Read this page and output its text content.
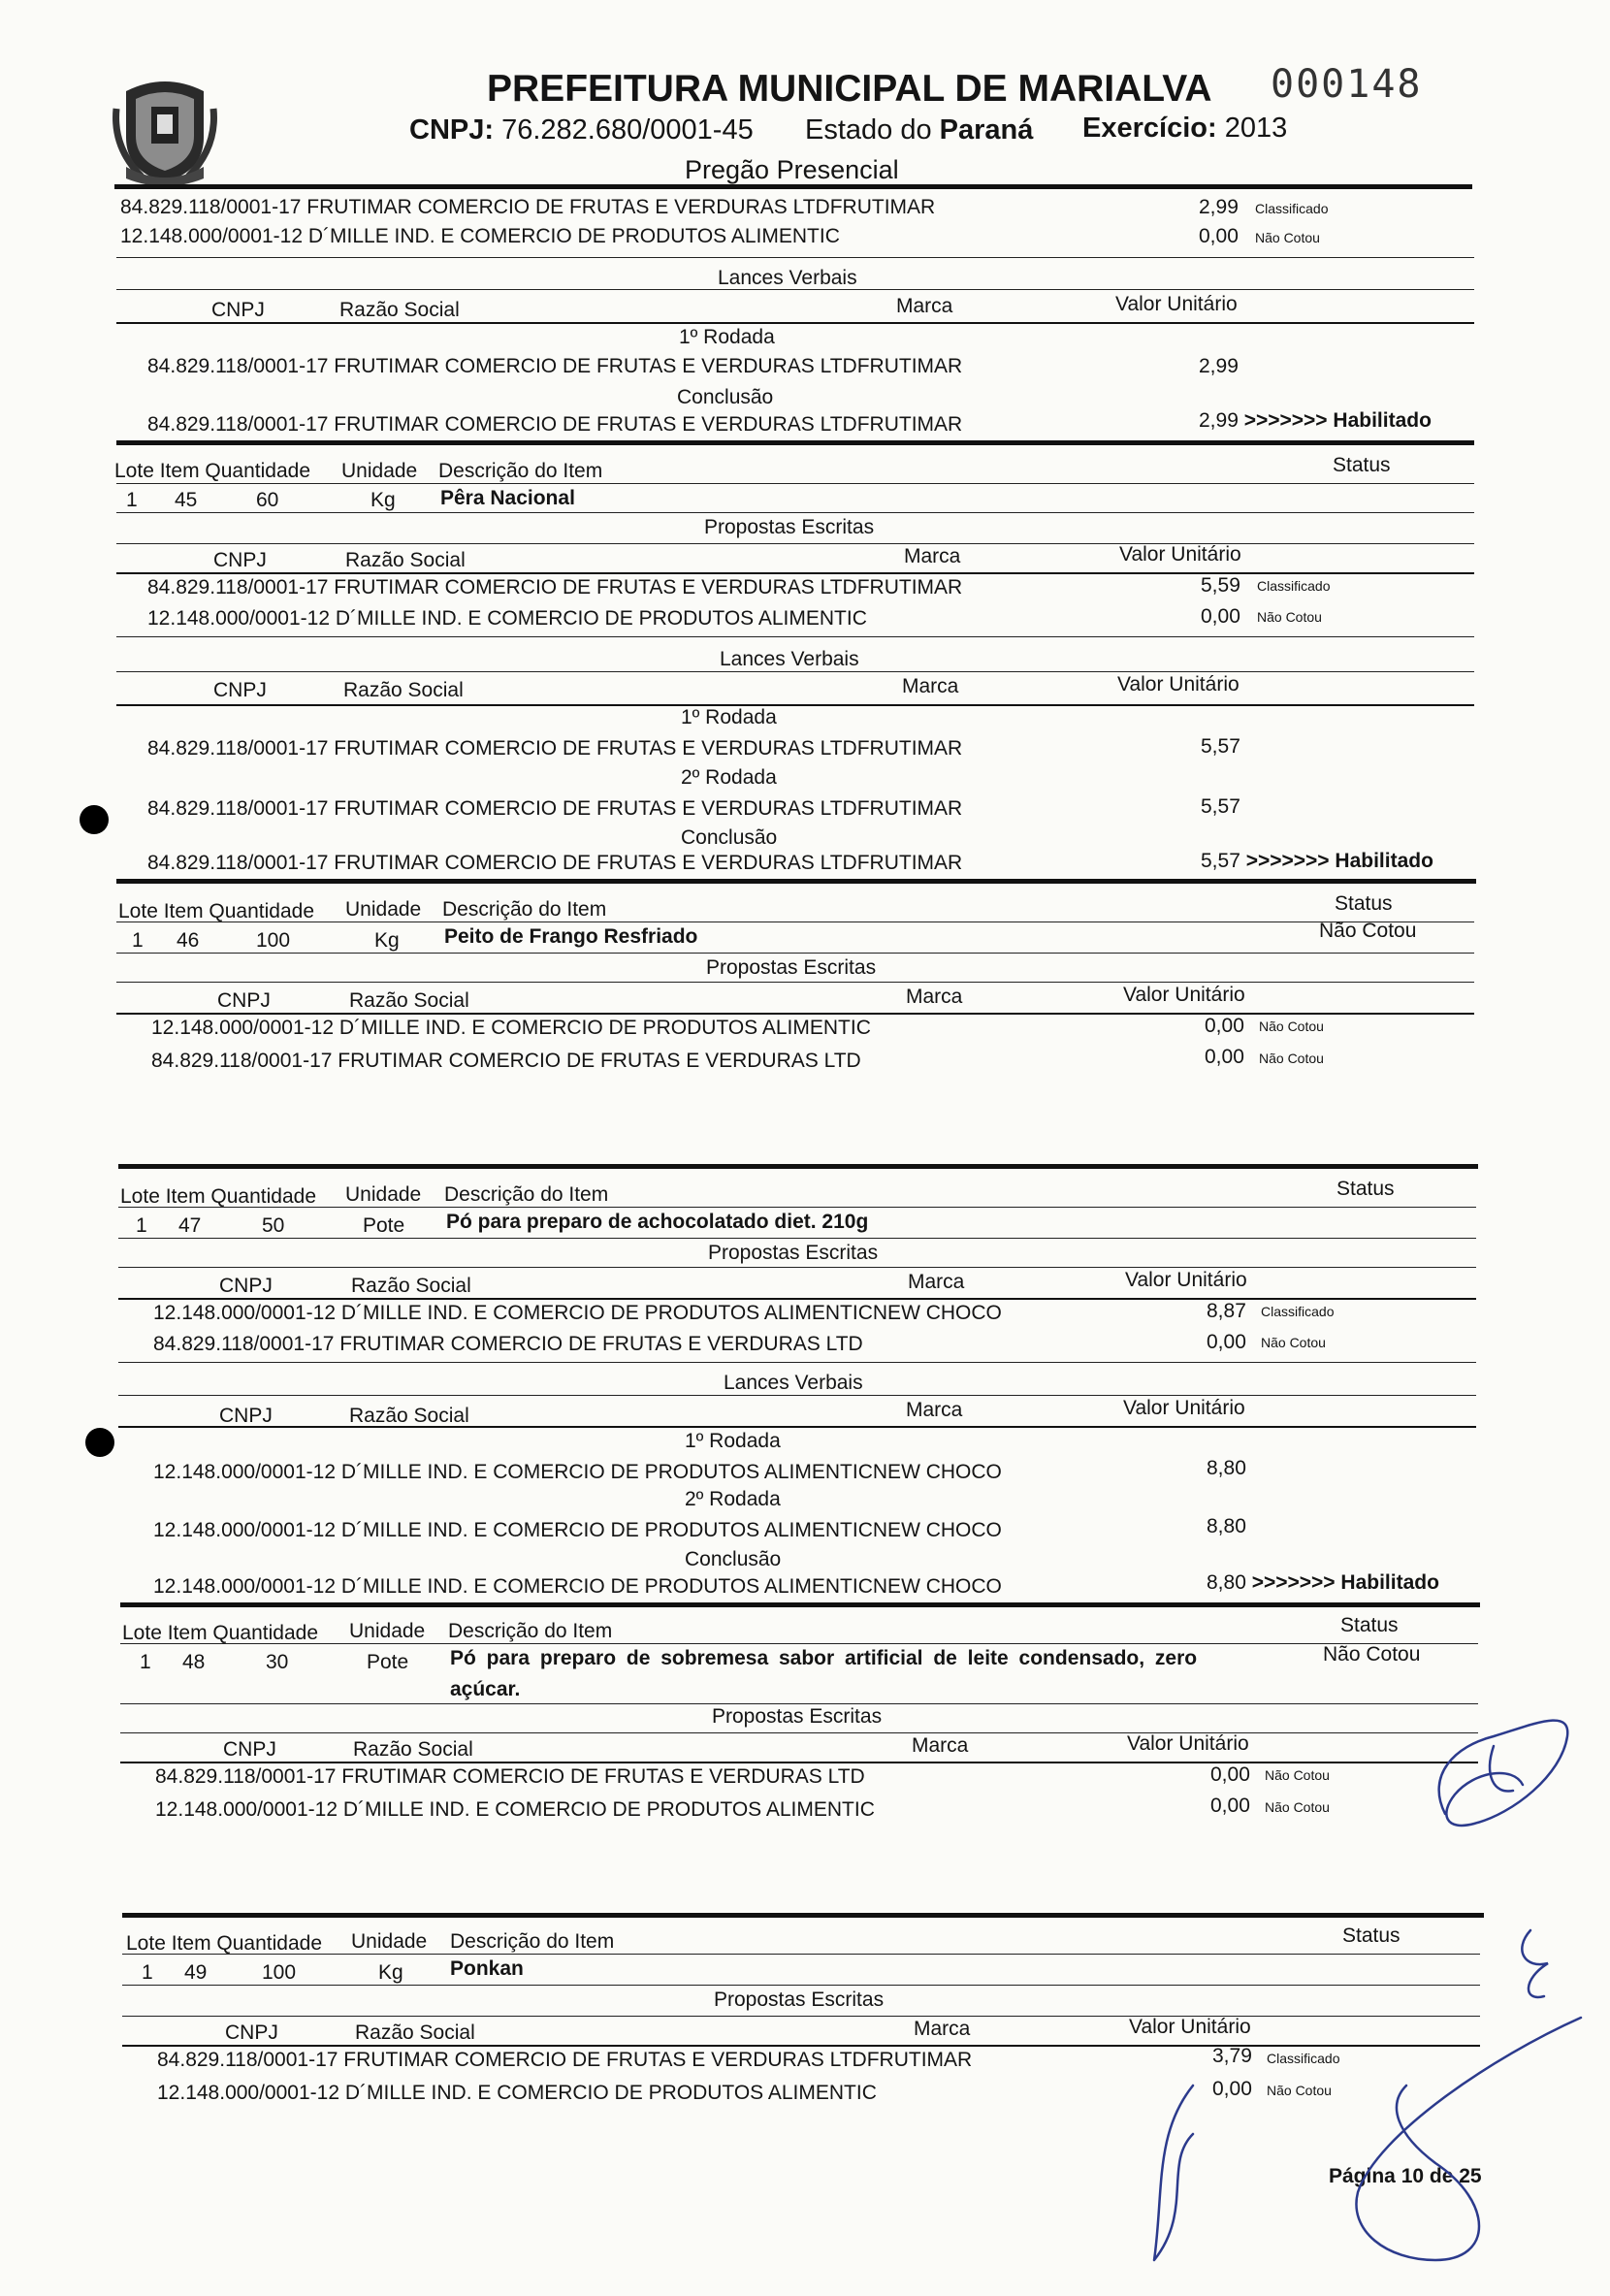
PREFEITURA MUNICIPAL DE MARIALVA 000148
CNPJ: 76.282.680/0001-45 Estado do Paraná Exercício: 2013
Pregão Presencial
84.829.118/0001-17 FRUTIMAR COMERCIO DE FRUTAS E VERDURAS LTDFRUTIMAR	2,99 Classificado
12.148.000/0001-12 D´MILLE IND. E COMERCIO DE PRODUTOS ALIMENTIC	0,00 Não Cotou
Lances Verbais
CNPJ	Razão Social	Marca	Valor Unitário
1º Rodada
84.829.118/0001-17 FRUTIMAR COMERCIO DE FRUTAS E VERDURAS LTDFRUTIMAR	2,99
Conclusão
84.829.118/0001-17 FRUTIMAR COMERCIO DE FRUTAS E VERDURAS LTDFRUTIMAR	2,99 >>>>>>> Habilitado
Lote Item Quantidade Unidade Descrição do Item	Status
1 45	60	Kg Pêra Nacional
Propostas Escritas
CNPJ	Razão Social	Marca	Valor Unitário
84.829.118/0001-17 FRUTIMAR COMERCIO DE FRUTAS E VERDURAS LTDFRUTIMAR	5,59 Classificado
12.148.000/0001-12 D´MILLE IND. E COMERCIO DE PRODUTOS ALIMENTIC	0,00 Não Cotou
Lances Verbais
CNPJ	Razão Social	Marca	Valor Unitário
1º Rodada
84.829.118/0001-17 FRUTIMAR COMERCIO DE FRUTAS E VERDURAS LTDFRUTIMAR	5,57
2º Rodada
84.829.118/0001-17 FRUTIMAR COMERCIO DE FRUTAS E VERDURAS LTDFRUTIMAR	5,57
Conclusão
84.829.118/0001-17 FRUTIMAR COMERCIO DE FRUTAS E VERDURAS LTDFRUTIMAR	5,57 >>>>>>> Habilitado
Lote Item Quantidade Unidade Descrição do Item	Status
1 46	100	Kg Peito de Frango Resfriado	Não Cotou
Propostas Escritas
CNPJ	Razão Social	Marca	Valor Unitário
12.148.000/0001-12 D´MILLE IND. E COMERCIO DE PRODUTOS ALIMENTIC	0,00 Não Cotou
84.829.118/0001-17 FRUTIMAR COMERCIO DE FRUTAS E VERDURAS LTD	0,00 Não Cotou
Lote Item Quantidade Unidade Descrição do Item	Status
1 47	50	Pote Pó para preparo de achocolatado diet. 210g
Propostas Escritas
CNPJ	Razão Social	Marca	Valor Unitário
12.148.000/0001-12 D´MILLE IND. E COMERCIO DE PRODUTOS ALIMENTICNEW CHOCO	8,87 Classificado
84.829.118/0001-17 FRUTIMAR COMERCIO DE FRUTAS E VERDURAS LTD	0,00 Não Cotou
Lances Verbais
CNPJ	Razão Social	Marca	Valor Unitário
1º Rodada
12.148.000/0001-12 D´MILLE IND. E COMERCIO DE PRODUTOS ALIMENTICNEW CHOCO	8,80
2º Rodada
12.148.000/0001-12 D´MILLE IND. E COMERCIO DE PRODUTOS ALIMENTICNEW CHOCO	8,80
Conclusão
12.148.000/0001-12 D´MILLE IND. E COMERCIO DE PRODUTOS ALIMENTICNEW CHOCO	8,80 >>>>>>> Habilitado
Lote Item Quantidade Unidade Descrição do Item	Status
1 48	30	Pote Pó para preparo de sobremesa sabor artificial de leite condensado, zero
açúcar.
Não Cotou
Propostas Escritas
CNPJ	Razão Social	Marca	Valor Unitário
84.829.118/0001-17 FRUTIMAR COMERCIO DE FRUTAS E VERDURAS LTD	0,00 Não Cotou
12.148.000/0001-12 D´MILLE IND. E COMERCIO DE PRODUTOS ALIMENTIC	0,00 Não Cotou
Lote Item Quantidade Unidade Descrição do Item	Status
1 49	100	Kg Ponkan
Propostas Escritas
CNPJ	Razão Social	Marca	Valor Unitário
84.829.118/0001-17 FRUTIMAR COMERCIO DE FRUTAS E VERDURAS LTDFRUTIMAR	3,79 Classificado
12.148.000/0001-12 D´MILLE IND. E COMERCIO DE PRODUTOS ALIMENTIC	0,00 Não Cotou
Página 10 de 25
